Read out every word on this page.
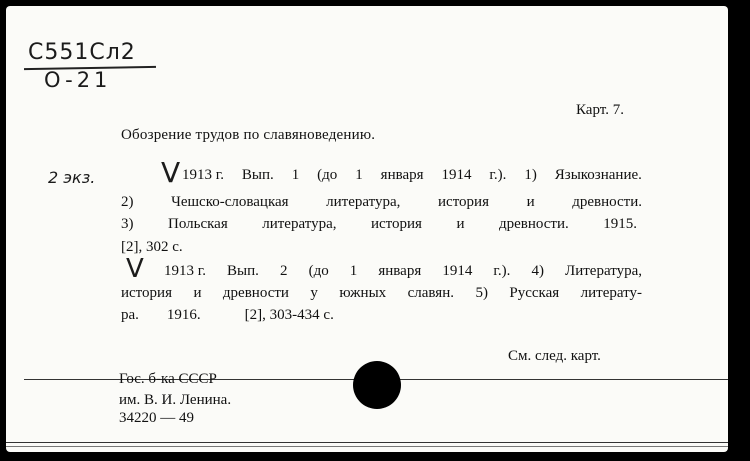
C551Cл2
O-21
2 экз. V
V
Карт. 7.
Обозрение трудов по славяноведению.
1913 г. Вып. 1 (до 1 января 1914 г.). 1) Языкознание.
2)	Чешско-словацкая	литература,	история	и	древности.
3) Польская литература, история и древности. 1915.
[2], 302 с.
1913 г. Вып. 2 (до 1 января 1914 г.). 4) Литература,
история и древности у южных славян. 5) Русская литерату-
ра. 1916.	[2], 303-434 с.
См. след. карт.
Гос. б-ка СССР
им. В. И. Ленина.
34220 — 49
